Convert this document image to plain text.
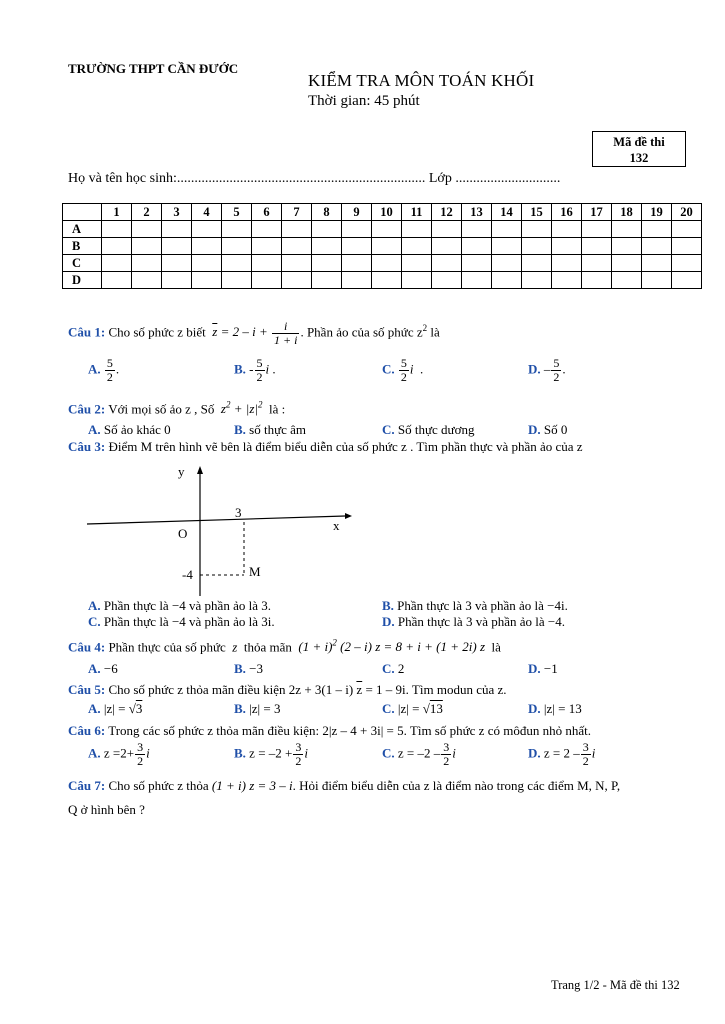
TRƯỜNG THPT CẦN ĐƯỚC
KIỂM TRA MÔN TOÁN KHỐI
Thời gian: 45 phút
Mã đề thi
132
Họ và tên học sinh:....................................................................... Lớp ..............................
	1	2	3	4	5	6	7	8	9	10	11	12	13	14	15	16	17	18	19	20
A																				
B																				
C																				
D																				
Câu 1: Cho số phức z biết $\overline{z} = 2 - i + \frac{i}{1 + i}$ . Phần ảo của số phức $z^2$ là
A. $\frac{5}{2}$ .	B. - $\frac{5}{2}$ i .	C. $\frac{5}{2}$ i  .	D. – $\frac{5}{2}$ .
Câu 2: Với mọi số ảo z , Số  $z^2 + |z|^2$ là :
A. Số ảo khác 0	B. số thực âm	C. Số thực dương	D. Số 0
Câu 3: Điểm M trên hình vẽ bên là điểm biểu diễn của số phức z . Tìm phần thực và phần ảo của z
y
x
O
3
-4	M
A. Phần thực là −4 và phần ảo là 3.	B. Phần thực là 3 và phần ảo là −4i.
C. Phần thực là −4 và phần ảo là 3i.	D. Phần thực là 3 và phần ảo là −4.
Câu 4: Phần thực của số phức  z  thỏa mãn  $(1 + i)^2$ (2 – i) z = 8 + i + (1 + 2i) z  là
A. −6	B. −3	C. 2	D. −1
Câu 5: Cho số phức z thỏa mãn điều kiện 2z + 3(1 – i) $\overline{z} = 1 - 9i$. Tìm modun của z.
A. |z| = √3	B. |z| = 3	C. |z| = √13	D. |z| = 13
Câu 6: Trong các số phức z thỏa mãn điều kiện: 2|z – 4 + 3i| = 5. Tìm số phức z có môđun nhỏ nhất.
A. $z =2+ \frac{3}{2}$ i	B. $z = -2 + \frac{3}{2}$ i	C. $z = -2 - \frac{3}{2}$ i	D. $z = 2 - \frac{3}{2}$ i
Câu 7: Cho số phức z thỏa (1 + i) z = 3 – i. Hỏi điểm biểu diễn của z là điểm nào trong các điểm M, N, P,
Q ở hình bên ?
Trang 1/2 - Mã đề thi 132
